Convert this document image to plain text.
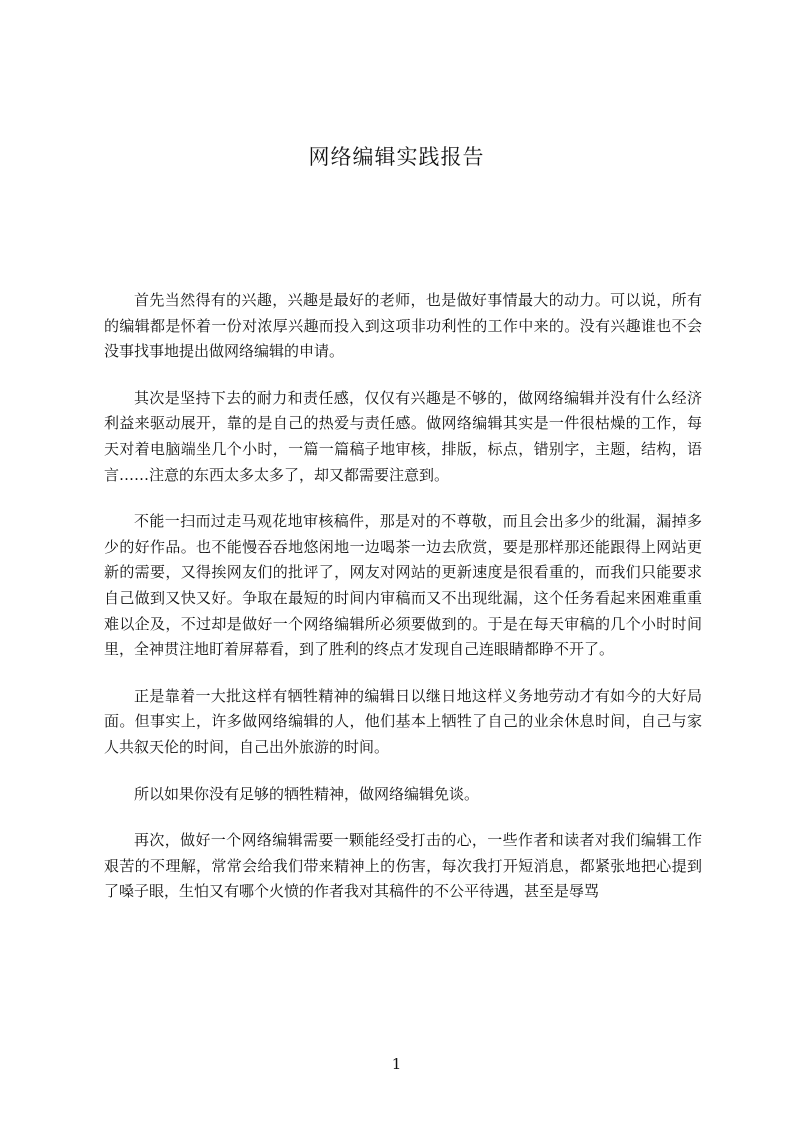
网络编辑实践报告

首先当然得有的兴趣，兴趣是最好的老师，也是做好事情最大的动力。可以说，所有的编辑都是怀着一份对浓厚兴趣而投入到这项非功利性的工作中来的。没有兴趣谁也不会没事找事地提出做网络编辑的申请。

其次是坚持下去的耐力和责任感，仅仅有兴趣是不够的，做网络编辑并没有什么经济利益来驱动展开，靠的是自己的热爱与责任感。做网络编辑其实是一件很枯燥的工作，每天对着电脑端坐几个小时，一篇一篇稿子地审核，排版，标点，错别字，主题，结构，语言……注意的东西太多太多了，却又都需要注意到。

不能一扫而过走马观花地审核稿件，那是对的不尊敬，而且会出多少的纰漏，漏掉多少的好作品。也不能慢吞吞地悠闲地一边喝茶一边去欣赏，要是那样那还能跟得上网站更新的需要，又得挨网友们的批评了，网友对网站的更新速度是很看重的，而我们只能要求自己做到又快又好。争取在最短的时间内审稿而又不出现纰漏，这个任务看起来困难重重难以企及，不过却是做好一个网络编辑所必须要做到的。于是在每天审稿的几个小时时间里，全神贯注地盯着屏幕看，到了胜利的终点才发现自己连眼睛都睁不开了。

正是靠着一大批这样有牺牲精神的编辑日以继日地这样义务地劳动才有如今的大好局面。但事实上，许多做网络编辑的人，他们基本上牺牲了自己的业余休息时间，自己与家人共叙天伦的时间，自己出外旅游的时间。

所以如果你没有足够的牺牲精神，做网络编辑免谈。

再次，做好一个网络编辑需要一颗能经受打击的心，一些作者和读者对我们编辑工作艰苦的不理解，常常会给我们带来精神上的伤害，每次我打开短消息，都紧张地把心提到了嗓子眼，生怕又有哪个火愤的作者我对其稿件的不公平待遇，甚至是辱骂

1
